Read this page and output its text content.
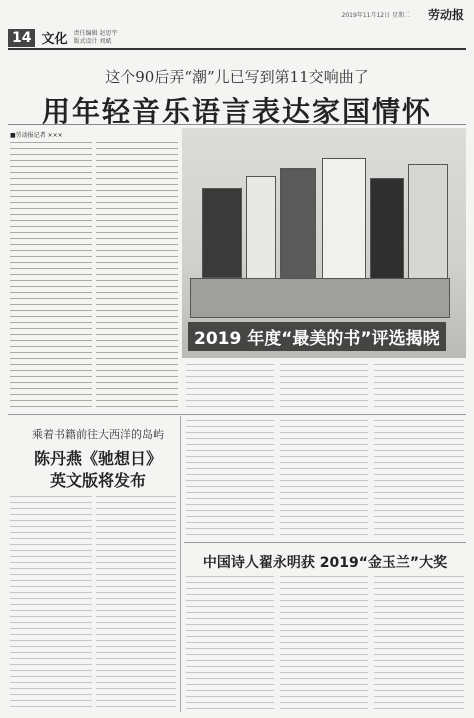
2019年11月12日 星期二 劳动报
14 文化 责任编辑 赵思宇
版式设计 刘斌
这个90后弄“潮”儿已写到第11交响曲了
用年轻音乐语言表达家国情怀
■劳动报记者 ×××
2019 年度“最美的书”评选揭晓
乘着书籍前往大西洋的岛屿
陈丹燕《驰想日》
英文版将发布
中国诗人翟永明获 2019“金玉兰”大奖
